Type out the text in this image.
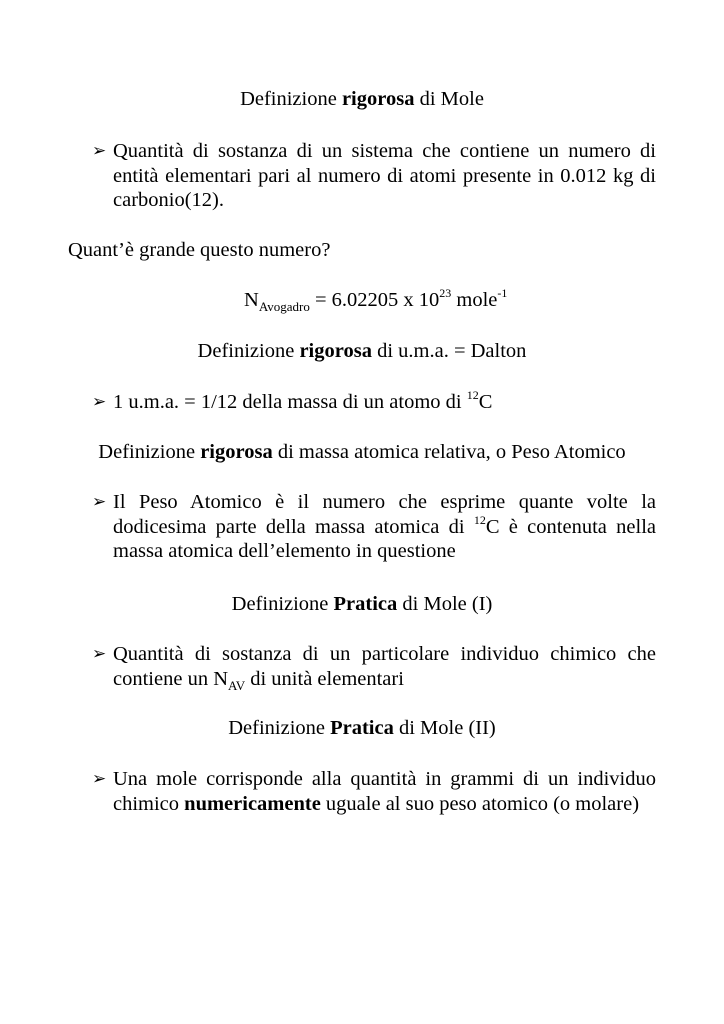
Definizione rigorosa di Mole
➢ Quantità di sostanza di un sistema che contiene un numero di entità elementari pari al numero di atomi presente in 0.012 kg di carbonio(12).
Quant’è grande questo numero?
$N_{Avogadro} = 6.02205$ x $10^{23}$ mole$^{-1}$
Definizione rigorosa di u.m.a. = Dalton
➢ 1 u.m.a. = 1/12 della massa di un atomo di $^{12}$C
Definizione rigorosa di massa atomica relativa, o Peso Atomico
➢ Il Peso Atomico è il numero che esprime quante volte la dodicesima parte della massa atomica di $^{12}$C è contenuta nella massa atomica dell’elemento in questione
Definizione Pratica di Mole (I)
➢ Quantità di sostanza di un particolare individuo chimico che contiene un $N_{AV}$ di unità elementari
Definizione Pratica di Mole (II)
➢ Una mole corrisponde alla quantità in grammi di un individuo chimico numericamente uguale al suo peso atomico (o molare)
